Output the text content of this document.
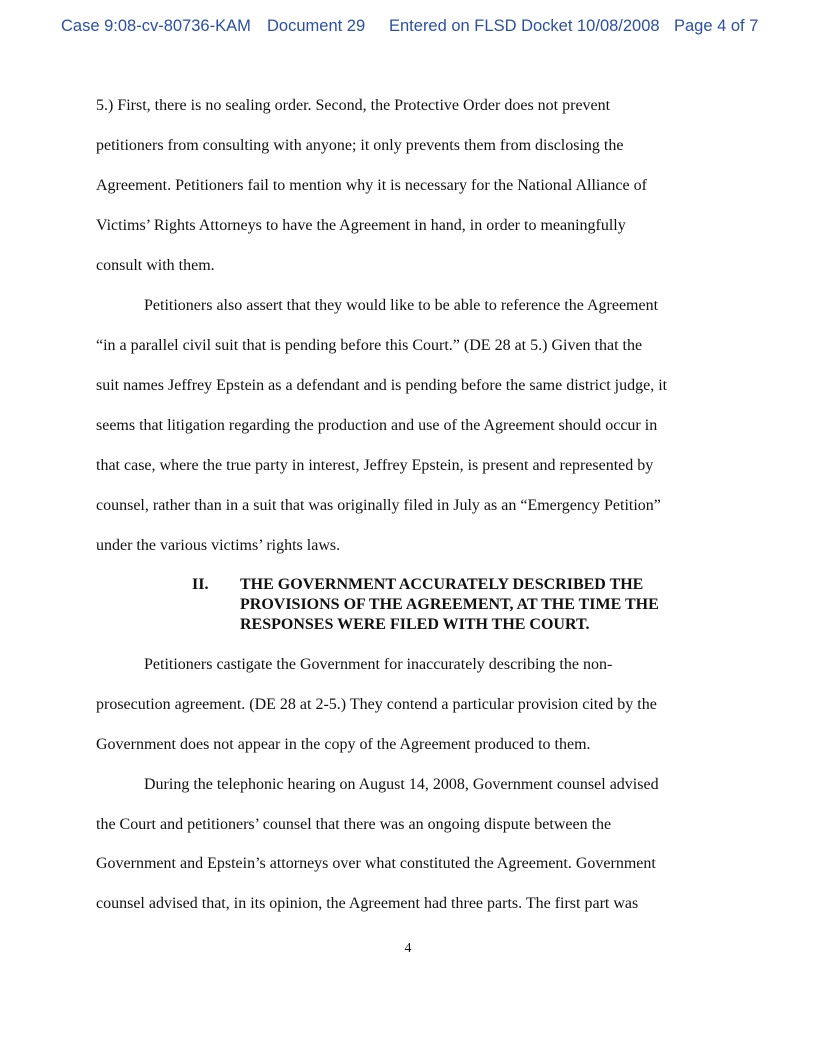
Case 9:08-cv-80736-KAM Document 29 Entered on FLSD Docket 10/08/2008 Page 4 of 7
5.) First, there is no sealing order. Second, the Protective Order does not prevent
petitioners from consulting with anyone; it only prevents them from disclosing the
Agreement. Petitioners fail to mention why it is necessary for the National Alliance of
Victims’ Rights Attorneys to have the Agreement in hand, in order to meaningfully
consult with them.
Petitioners also assert that they would like to be able to reference the Agreement
“in a parallel civil suit that is pending before this Court.” (DE 28 at 5.) Given that the
suit names Jeffrey Epstein as a defendant and is pending before the same district judge, it
seems that litigation regarding the production and use of the Agreement should occur in
that case, where the true party in interest, Jeffrey Epstein, is present and represented by
counsel, rather than in a suit that was originally filed in July as an “Emergency Petition”
under the various victims’ rights laws.
II. THE GOVERNMENT ACCURATELY DESCRIBED THE
PROVISIONS OF THE AGREEMENT, AT THE TIME THE
RESPONSES WERE FILED WITH THE COURT.
Petitioners castigate the Government for inaccurately describing the non-
prosecution agreement. (DE 28 at 2-5.) They contend a particular provision cited by the
Government does not appear in the copy of the Agreement produced to them.
During the telephonic hearing on August 14, 2008, Government counsel advised
the Court and petitioners’ counsel that there was an ongoing dispute between the
Government and Epstein’s attorneys over what constituted the Agreement. Government
counsel advised that, in its opinion, the Agreement had three parts. The first part was
4
